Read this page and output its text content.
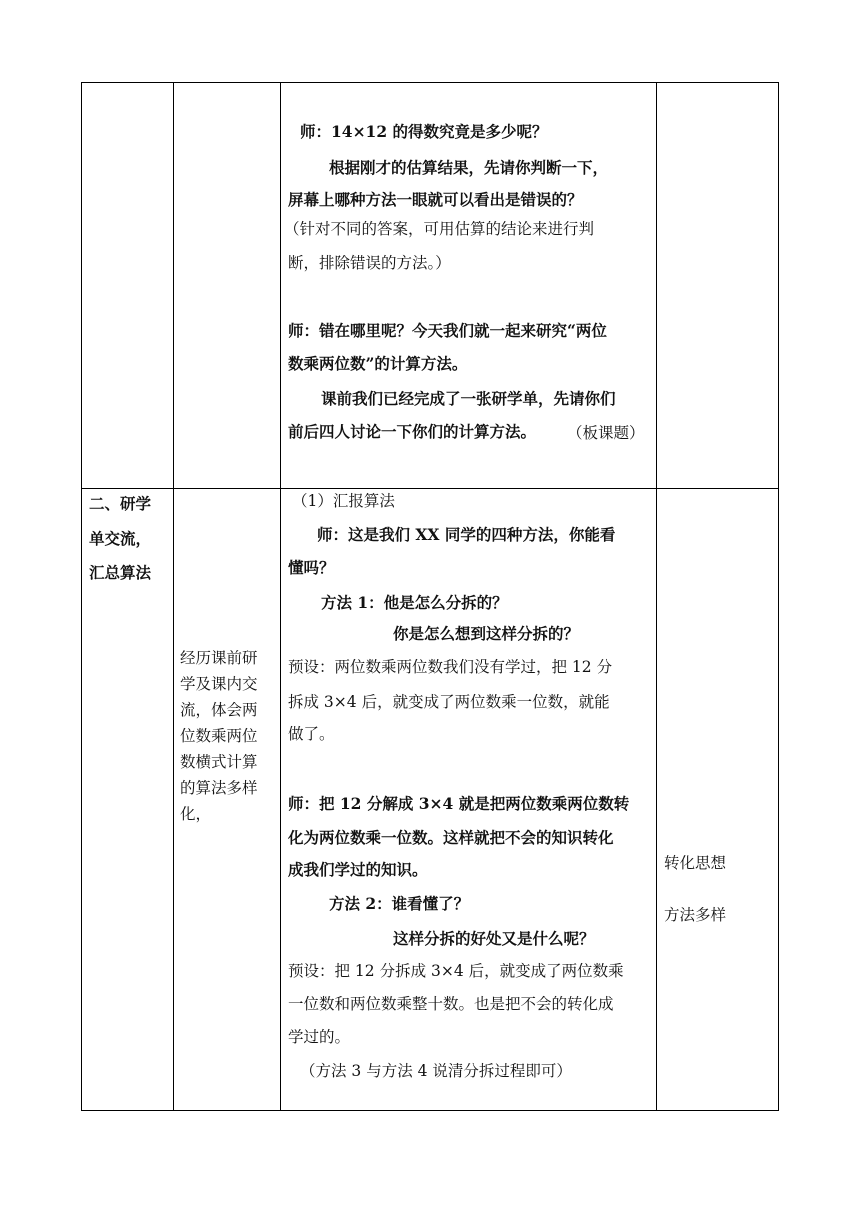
师：14×12 的得数究竟是多少呢？
根据刚才的估算结果，先请你判断一下，
屏幕上哪种方法一眼就可以看出是错误的？
（针对不同的答案，可用估算的结论来进行判
断，排除错误的方法。）
师：错在哪里呢？今天我们就一起来研究“两位
数乘两位数”的计算方法。
课前我们已经完成了一张研学单，先请你们
前后四人讨论一下你们的计算方法。 （板课题）
二、研学
单交流，
汇总算法
经历课前研
学及课内交
流，体会两
位数乘两位
数横式计算
的算法多样
化，
（1）汇报算法
师：这是我们 XX 同学的四种方法，你能看
懂吗？
方法 1：他是怎么分拆的？
你是怎么想到这样分拆的？
预设：两位数乘两位数我们没有学过，把 12 分
拆成 3×4 后，就变成了两位数乘一位数，就能
做了。
师：把 12 分解成 3×4 就是把两位数乘两位数转
化为两位数乘一位数。这样就把不会的知识转化
成我们学过的知识。
方法 2：谁看懂了？
这样分拆的好处又是什么呢？
预设：把 12 分拆成 3×4 后，就变成了两位数乘
一位数和两位数乘整十数。也是把不会的转化成
学过的。
（方法 3 与方法 4 说清分拆过程即可）
转化思想
方法多样
